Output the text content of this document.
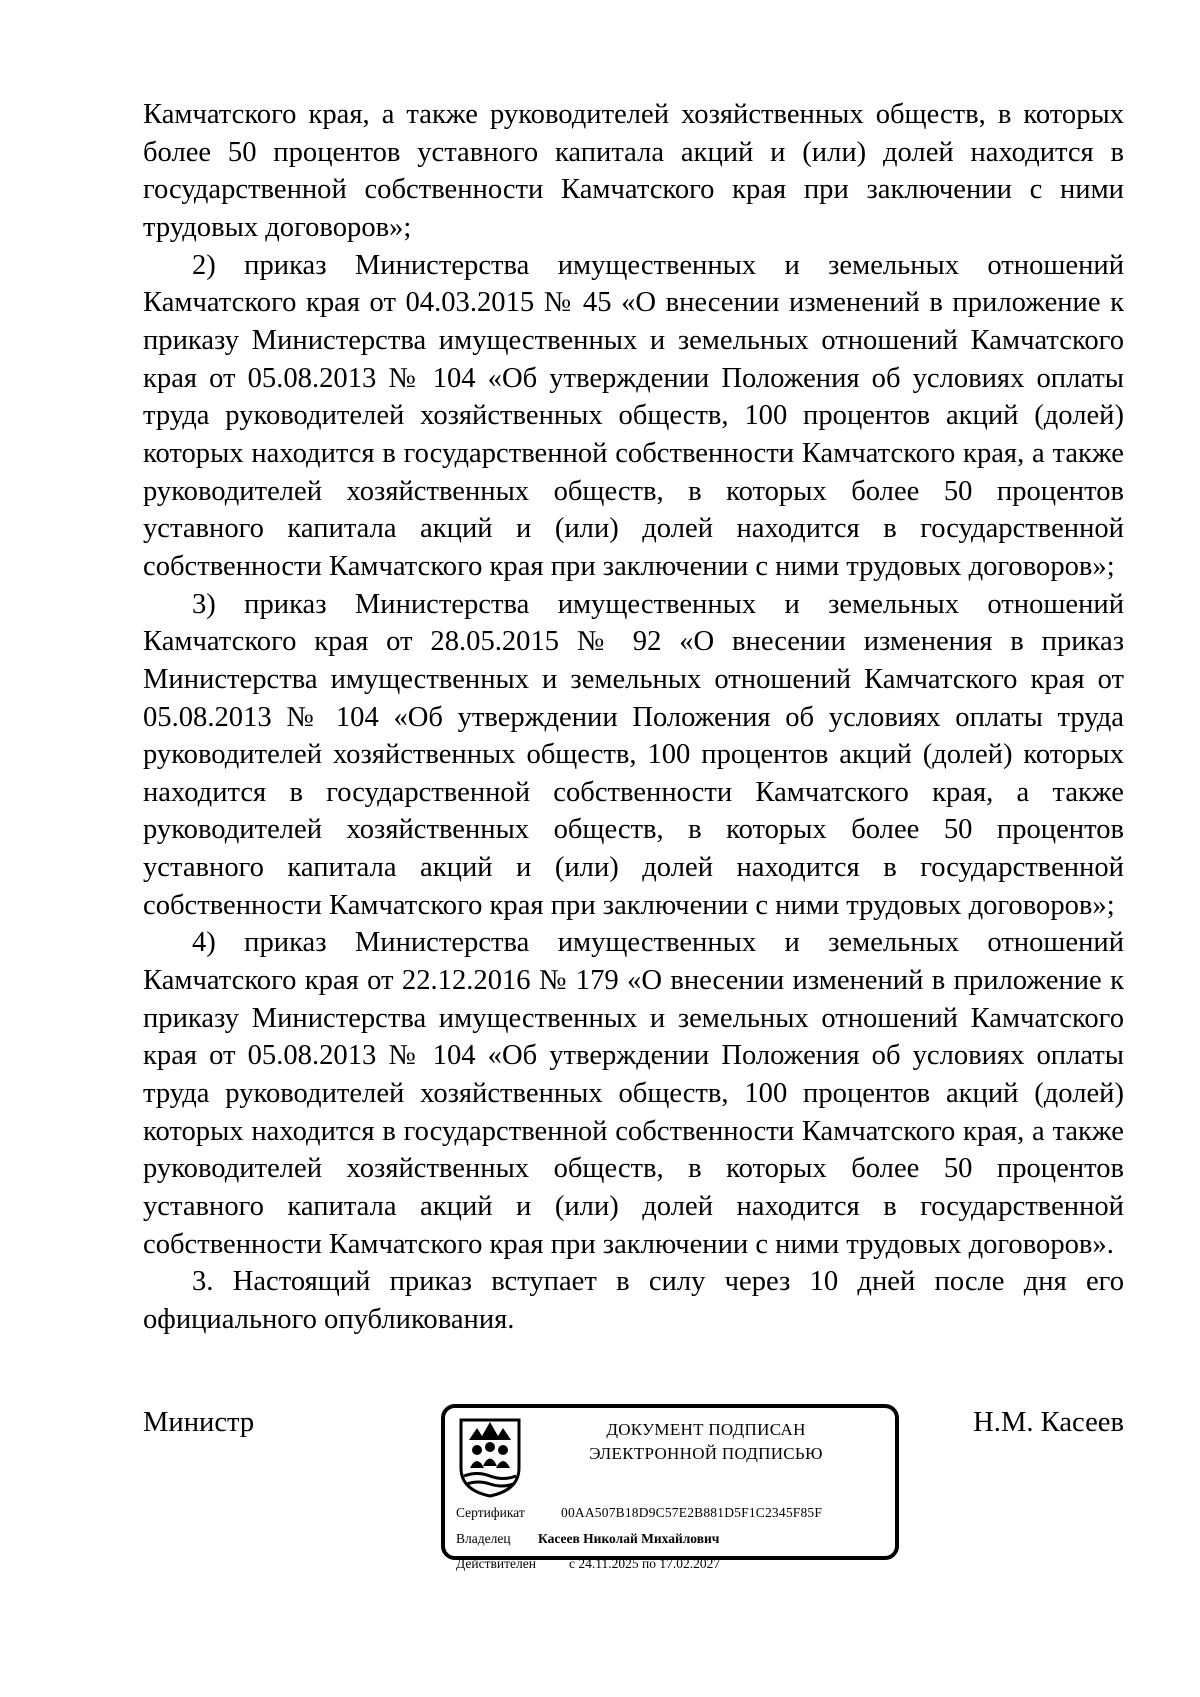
Камчатского края, а также руководителей хозяйственных обществ, в которых более 50 процентов уставного капитала акций и (или) долей находится в государственной собственности Камчатского края при заключении с ними трудовых договоров»;

2) приказ Министерства имущественных и земельных отношений Камчатского края от 04.03.2015 № 45 «О внесении изменений в приложение к приказу Министерства имущественных и земельных отношений Камчатского края от 05.08.2013 № 104 «Об утверждении Положения об условиях оплаты труда руководителей хозяйственных обществ, 100 процентов акций (долей) которых находится в государственной собственности Камчатского края, а также руководителей хозяйственных обществ, в которых более 50 процентов уставного капитала акций и (или) долей находится в государственной собственности Камчатского края при заключении с ними трудовых договоров»;

3) приказ Министерства имущественных и земельных отношений Камчатского края от 28.05.2015 № 92 «О внесении изменения в приказ Министерства имущественных и земельных отношений Камчатского края от 05.08.2013 № 104 «Об утверждении Положения об условиях оплаты труда руководителей хозяйственных обществ, 100 процентов акций (долей) которых находится в государственной собственности Камчатского края, а также руководителей хозяйственных обществ, в которых более 50 процентов уставного капитала акций и (или) долей находится в государственной собственности Камчатского края при заключении с ними трудовых договоров»;

4) приказ Министерства имущественных и земельных отношений Камчатского края от 22.12.2016 № 179 «О внесении изменений в приложение к приказу Министерства имущественных и земельных отношений Камчатского края от 05.08.2013 № 104 «Об утверждении Положения об условиях оплаты труда руководителей хозяйственных обществ, 100 процентов акций (долей) которых находится в государственной собственности Камчатского края, а также руководителей хозяйственных обществ, в которых более 50 процентов уставного капитала акций и (или) долей находится в государственной собственности Камчатского края при заключении с ними трудовых договоров».

3. Настоящий приказ вступает в силу через 10 дней после дня его официального опубликования.

Министр	Н.М. Касеев
ДОКУМЕНТ ПОДПИСАН
ЭЛЕКТРОННОЙ ПОДПИСЬЮ
Сертификат	00AA507B18D9C57E2B881D5F1C2345F85F
Владелец Касеев Николай Михайлович
Действителен с 24.11.2025 по 17.02.2027
